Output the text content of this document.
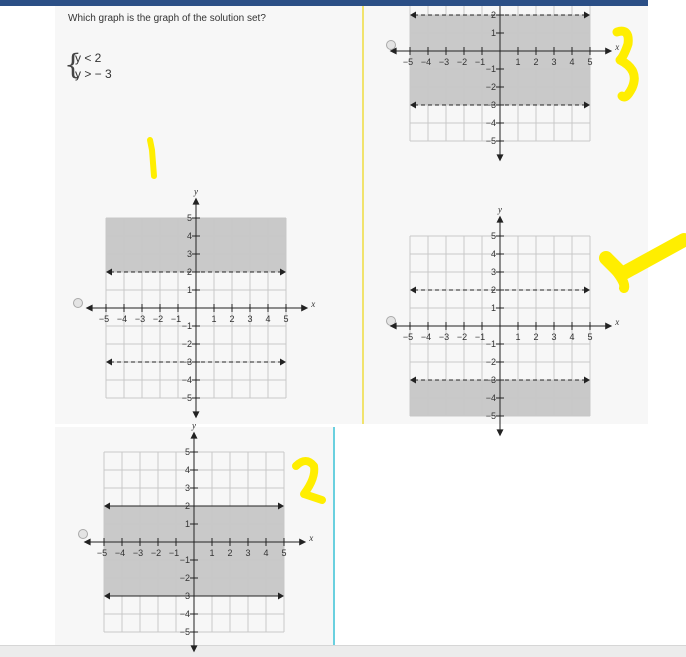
Which graph is the graph of the solution set?
{
y < 2
y > − 3
−5 −4 −3 −2 −1	1 2 3 4 5
5
4
3
2
1
−1
−2
−3
−4
−5
x
y
−5 −4 −3 −2 −1	1 2 3 4 5
2
1
−1
−2
−3
−4
−5
x
−5 −4 −3 −2 −1	1 2 3 4 5
5
4
3
2
1
−1
−2
−3
−4
−5
x
y
−5 −4 −3 −2 −1	1 2 3 4 5
5
4
3
2
1
−1
−2
−3
−4
−5
x
y
